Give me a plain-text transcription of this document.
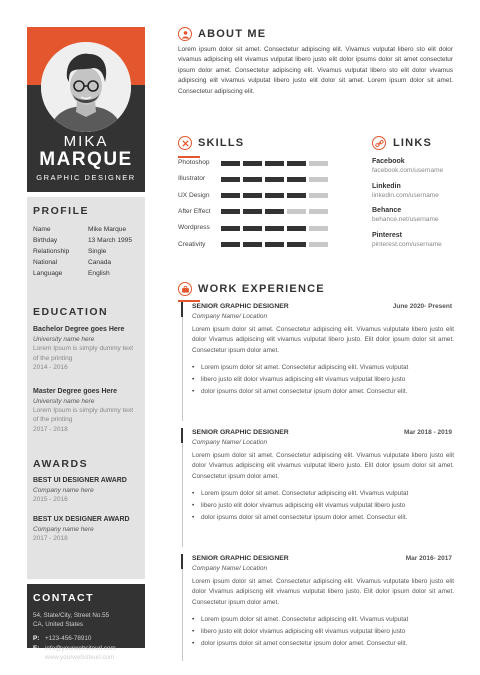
MIKA
MARQUE
GRAPHIC DESIGNER
PROFILE
Name	Mike Marque
Birthday	13 March 1995
Relationship	Single
National	Canada
Language	English
EDUCATION
Bachelor Degree goes Here
University name here
Lorem Ipsum is simply dummy text of the printing
2014 - 2016
Master Degree goes Here
University name here
Lorem Ipsum is simply dummy text of the printing
2017 - 2018
AWARDS
BEST UI DESIGNER AWARD
Company name here
2015 - 2016
BEST UX DESIGNER AWARD
Company name here
2017 - 2018
CONTACT
54, State/City, Street No.55
CA, United States
P: +123-456-78910
E: info@yourwebsiteurl.com
W: www.yourwebsiteurl.com
ABOUT ME
Lorem ipsum dolor sit amet. Consectetur adipiscing elit. Vivamus vulputat libero sto elit dolor vivamus adipiscing elit vivamus vulputat libero justo elit dolor ipsums dolor sit amet consectetur ipsum dolor amet. Consectetur adipiscing elit. Vivamus vulputat libero sto elit dolor vivamus adipiscing elit vivamus vulputat libero justo elit dolor sit amet. Lorem ipsum dolor sit amet. Consectetur adipiscing elit.
SKILLS
Photoshop
Illustrator
UX Design
After Effect
Wordpress
Creativity
LINKS
Facebook
facebook.com/username
Linkedin
linkedin.com/username
Behance
behance.net/username
Pinterest
pinterest.com/username
WORK EXPERIENCE
SENIOR GRAPHIC DESIGNER	June 2020- Present
Company Name/ Location
Lorem ipsum dolor sit amet. Consectetur adipiscing elit. Vivamus vulputate libero justo elit dolor Vivamus adipiscing elit vivamus vulputat libero justo. Elit dolor ipsum dolor sit amet. Consectetur ipsum dolor amet.
• Lorem ipsum dolor sit amet. Consectetur adipiscing elit. Vivamus vulputat
• libero justo elit dolor vivamus adipiscing elit vivamus vulputat libero justo
• dolor ipsums dolor sit amet consectetur ipsum dolor amet. Consectur elit.
SENIOR GRAPHIC DESIGNER	Mar 2018 - 2019
Company Name/ Location
Lorem ipsum dolor sit amet. Consectetur adipiscing elit. Vivamus vulputate libero justo elit dolor Vivamus adipiscing elit vivamus vulputat libero justo. Elit dolor ipsum dolor sit amet. Consectetur ipsum dolor amet.
• Lorem ipsum dolor sit amet. Consectetur adipiscing elit. Vivamus vulputat
• libero justo elit dolor vivamus adipiscing elit vivamus vulputat libero justo
• dolor ipsums dolor sit amet consectetur ipsum dolor amet. Consectur elit.
SENIOR GRAPHIC DESIGNER	Mar 2016- 2017
Company Name/ Location
Lorem ipsum dolor sit amet. Consectetur adipiscing elit. Vivamus vulputate libero justo elit dolor Vivamus adipiscng elit vivamus vulputat libero justo. Elit dolor ipsum dolor sit amet. Consectetur ipsum dolor amet.
• Lorem ipsum dolor sit amet. Consectetur adipiscing elit. Vivamus vulputat
• libero justo elit dolor vivamus adipiscing elit vivamus vulputat libero justo
• dolor ipsums dolor sit amet consectetur ipsum dolor amet. Consectur elit.
